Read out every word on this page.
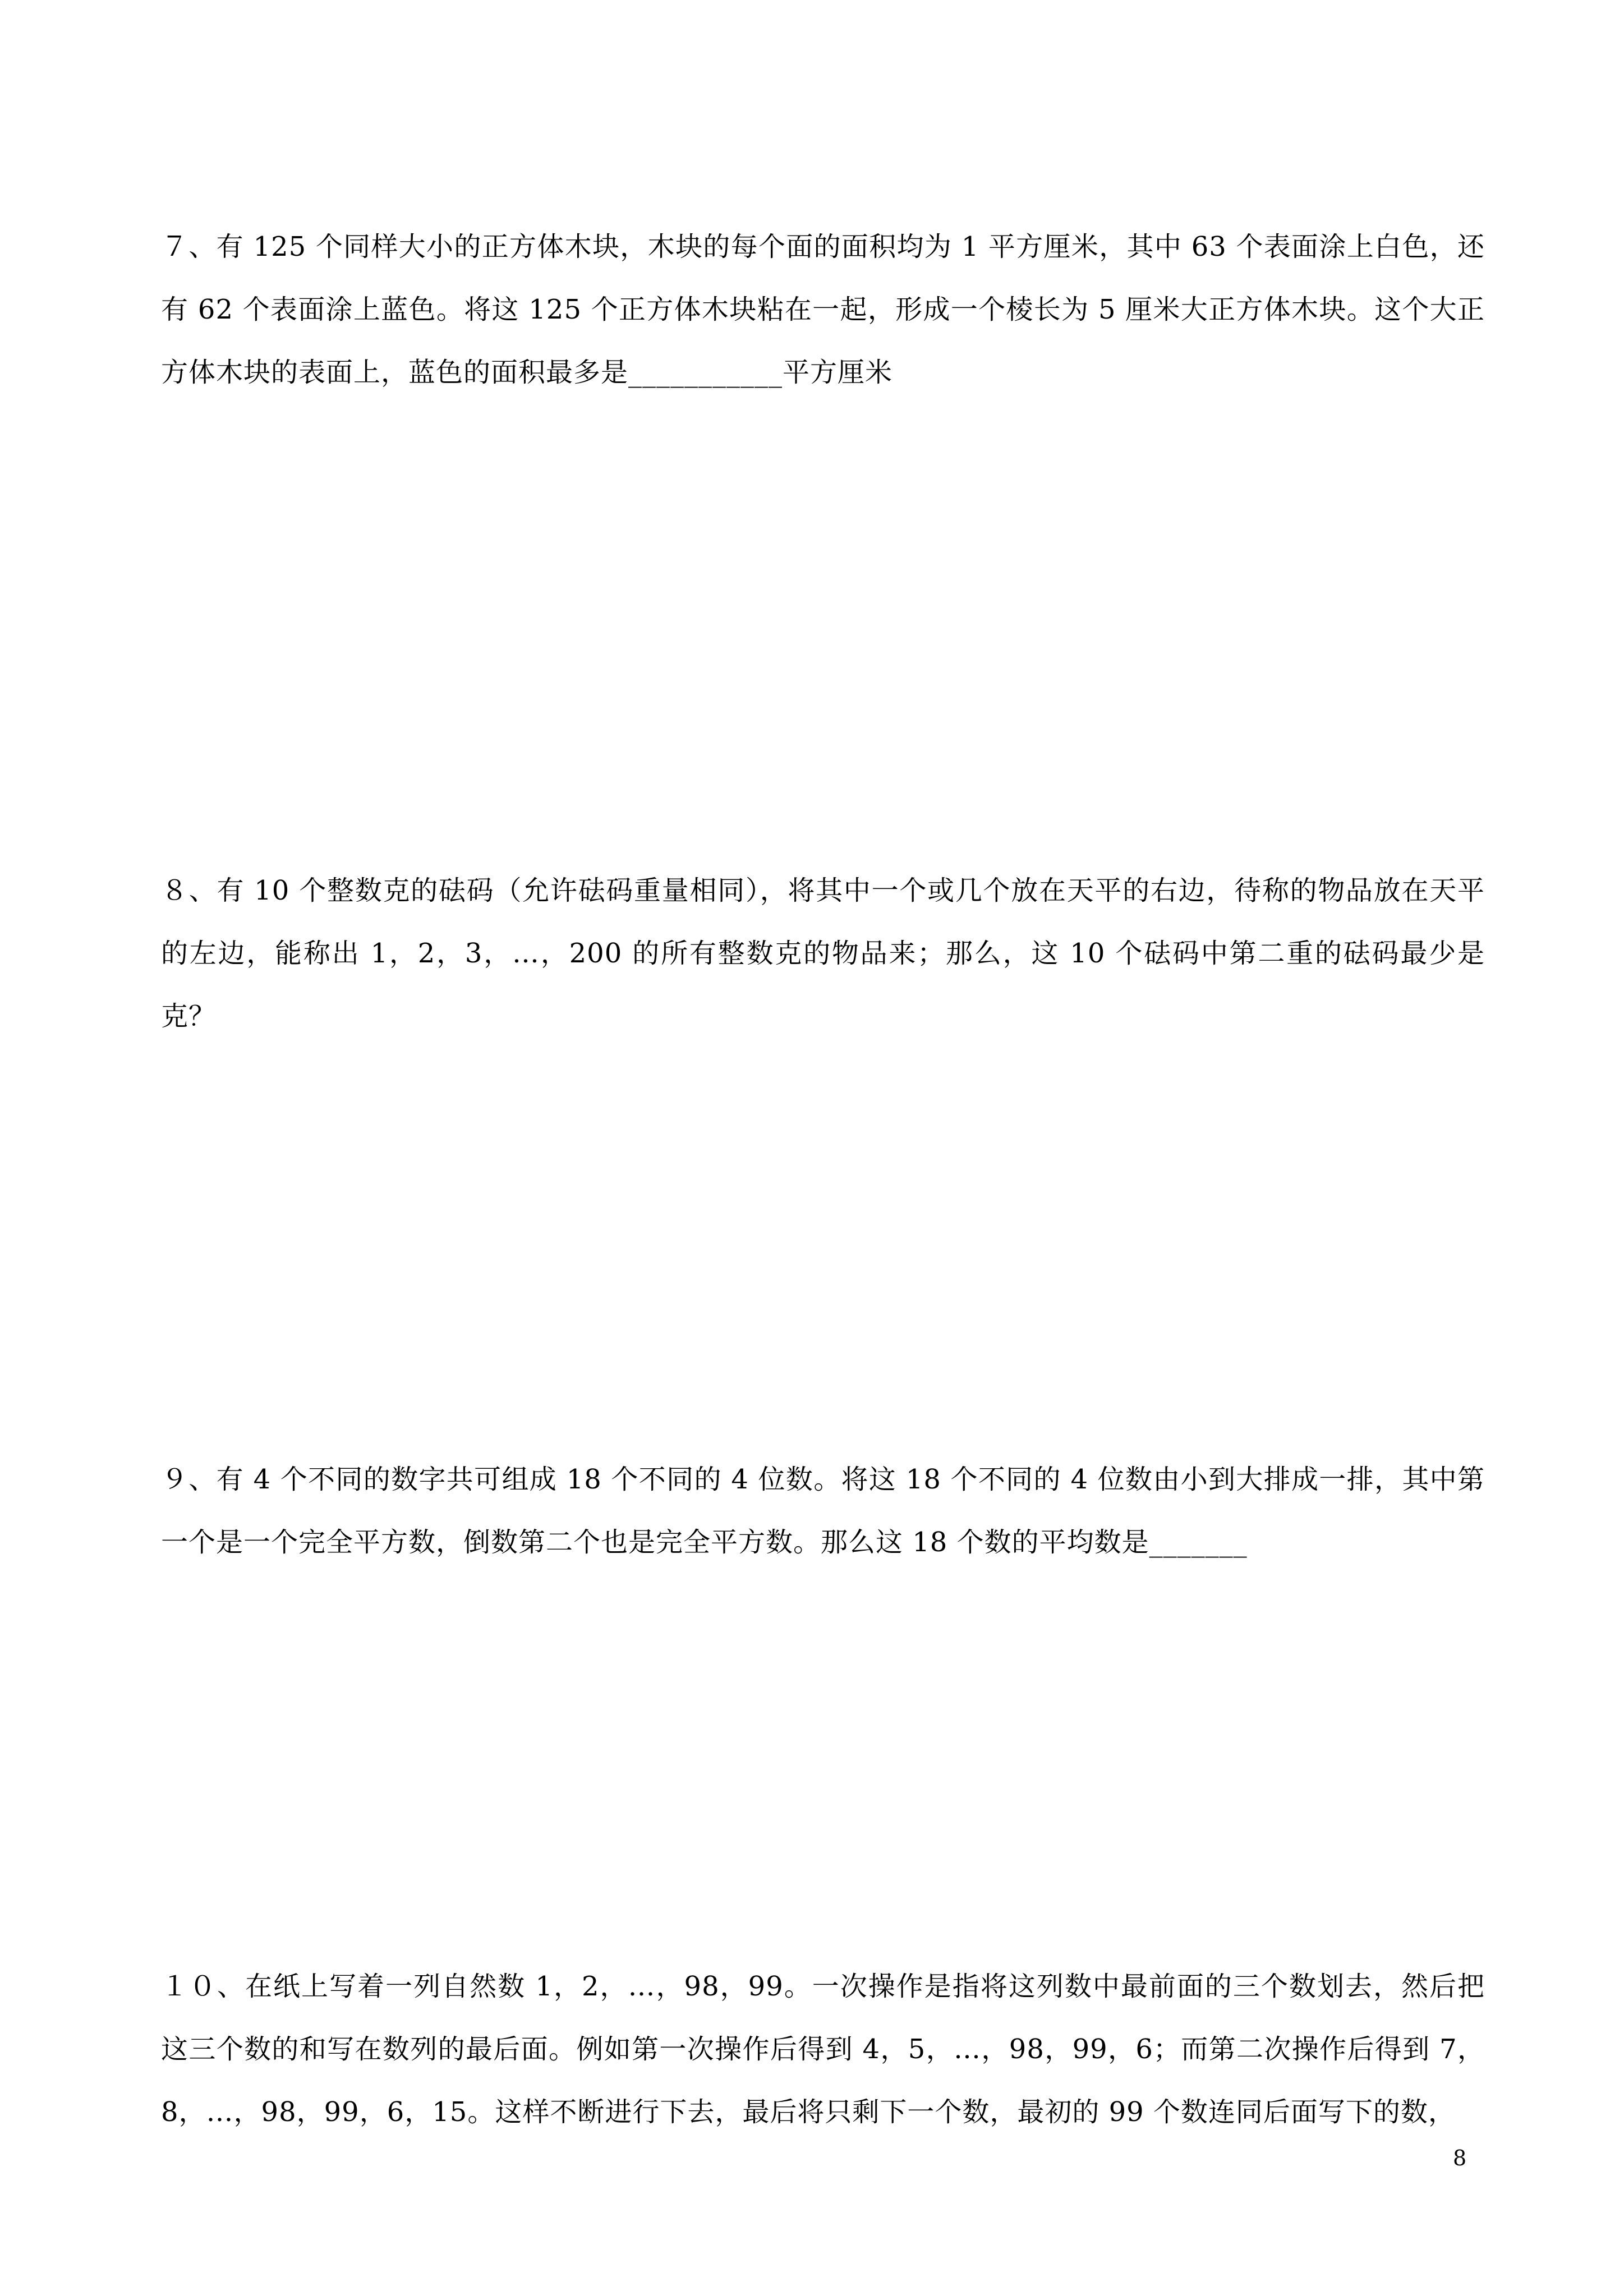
７、有 125 个同样大小的正方体木块，木块的每个面的面积均为 1 平方厘米，其中 63 个表面涂上白色，还有 62 个表面涂上蓝色。将这 125 个正方体木块粘在一起，形成一个棱长为 5 厘米大正方体木块。这个大正方体木块的表面上，蓝色的面积最多是___________平方厘米

８、有 10 个整数克的砝码（允许砝码重量相同），将其中一个或几个放在天平的右边，待称的物品放在天平的左边，能称出 1，2，3，…，200 的所有整数克的物品来；那么，这 10 个砝码中第二重的砝码最少是克？

９、有 4 个不同的数字共可组成 18 个不同的 4 位数。将这 18 个不同的 4 位数由小到大排成一排，其中第一个是一个完全平方数，倒数第二个也是完全平方数。那么这 18 个数的平均数是_______

１０、在纸上写着一列自然数 1，2，…，98，99。一次操作是指将这列数中最前面的三个数划去，然后把这三个数的和写在数列的最后面。例如第一次操作后得到 4，5，…，98，99，6；而第二次操作后得到 7，8，…，98，99，6，15。这样不断进行下去，最后将只剩下一个数，最初的 99 个数连同后面写下的数，

8
